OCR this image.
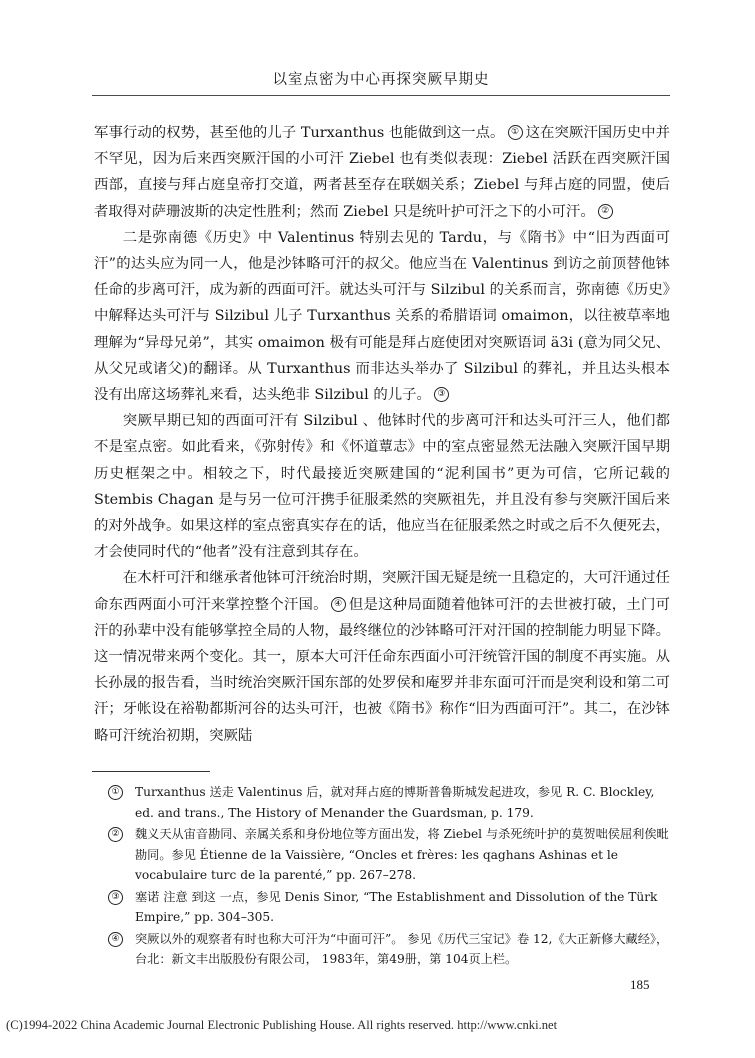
以室点密为中心再探突厥早期史

军事行动的权势，甚至他的儿子 Turxanthus 也能做到这一点。 ① 这在突厥汗国历史中并不罕见，因为后来西突厥汗国的小可汗 Ziebel 也有类似表现：Ziebel 活跃在西突厥汗国西部，直接与拜占庭皇帝打交道，两者甚至存在联姻关系；Ziebel 与拜占庭的同盟，使后者取得对萨珊波斯的决定性胜利；然而 Ziebel 只是统叶护可汗之下的小可汗。 ②

二是弥南德《历史》中 Valentinus 特别去见的 Tardu，与《隋书》中“旧为西面可汗”的达头应为同一人，他是沙钵略可汗的叔父。他应当在 Valentinus 到访之前顶替他钵任命的步离可汗，成为新的西面可汗。就达头可汗与 Silzibul 的关系而言，弥南德《历史》中解释达头可汗与 Silzibul 儿子 Turxanthus 关系的希腊语词 omaimon，以往被草率地理解为“异母兄弟”，其实 omaimon 极有可能是拜占庭使团对突厥语词 ä3i (意为同父兄、从父兄或诸父)的翻译。从 Turxanthus 而非达头举办了 Silzibul 的葬礼，并且达头根本没有出席这场葬礼来看，达头绝非 Silzibul 的儿子。 ③

突厥早期已知的西面可汗有 Silzibul 、他钵时代的步离可汗和达头可汗三人，他们都不是室点密。如此看来，《弥射传》和《怀道蕈志》中的室点密显然无法融入突厥汗国早期历史框架之中。相较之下，时代最接近突厥建国的“泥利国书”更为可信，它所记载的 Stembis Chagan 是与另一位可汗携手征服柔然的突厥祖先，并且没有参与突厥汗国后来的对外战争。如果这样的室点密真实存在的话，他应当在征服柔然之时或之后不久便死去，才会使同时代的“他者”没有注意到其存在。

在木杆可汗和继承者他钵可汗统治时期，突厥汗国无疑是统一且稳定的，大可汗通过任命东西两面小可汗来掌控整个汗国。 ④ 但是这种局面随着他钵可汗的去世被打破，土门可汗的孙辈中没有能够掌控全局的人物，最终继位的沙钵略可汗对汗国的控制能力明显下降。这一情况带来两个变化。其一，原本大可汗任命东西面小可汗统管汗国的制度不再实施。从长孙晟的报告看，当时统治突厥汗国东部的处罗侯和庵罗并非东面可汗而是突利设和第二可汗；牙帐设在裕勒都斯河谷的达头可汗，也被《隋书》称作“旧为西面可汗”。其二，在沙钵略可汗统治初期，突厥陆

① Turxanthus 送走 Valentinus 后，就对拜占庭的博斯普鲁斯城发起进攻，参见 R. C. Blockley, ed. and trans., The History of Menander the Guardsman, p. 179.
② 魏义天从宙音勘同、亲属关系和身份地位等方面出发，将 Ziebel 与杀死统叶护的莫贺咄侯屈利俟毗勘同。参见 Étienne de la Vaissière, “Oncles et frères: les qaghans Ashinas et le vocabulaire turc de la parenté,” pp. 267–278.
③ 塞诺 注意 到这 一点，参见 Denis Sinor, “The Establishment and Dissolution of the Türk Empire,” pp. 304–305.
④ 突厥以外的观察者有时也称大可汗为“中面可汗”。 参见《历代三宝记》卷 12,《大正新修大藏经》，台北：新文丰出版股份有限公司， 1983年，第49册，第 104页上栏。
185
(C)1994-2022 China Academic Journal Electronic Publishing House. All rights reserved. http://www.cnki.net
